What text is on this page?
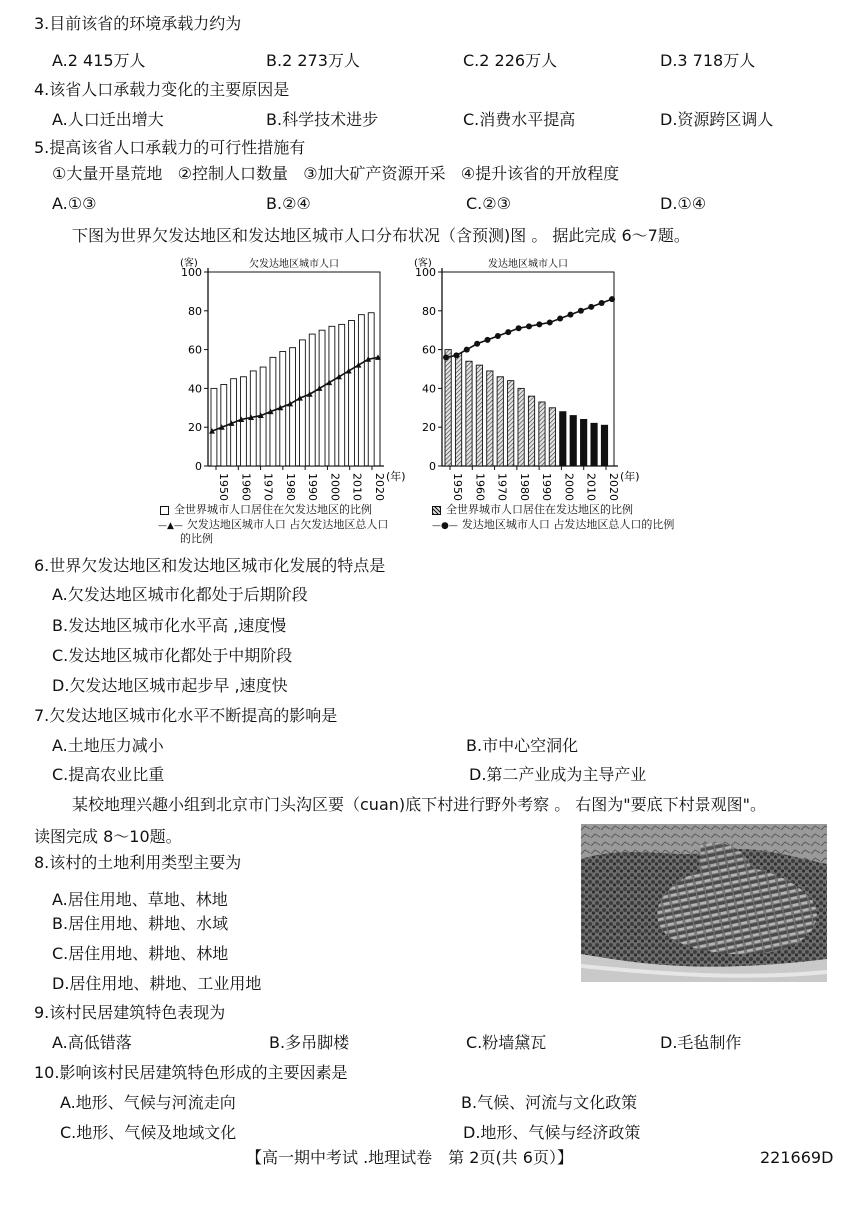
3.目前该省的环境承载力约为
A.2 415万人	B.2 273万人	C.2 226万人	D.3 718万人
4.该省人口承载力变化的主要原因是
A.人口迁出增大	B.科学技术进步	C.消费水平提高	D.资源跨区调人
5.提高该省人口承载力的可行性措施有
①大量开垦荒地   ②控制人口数量   ③加大矿产资源开采   ④提升该省的开放程度
A.①③	B.②④	C.②③	D.①④
下图为世界欠发达地区和发达地区城市人口分布状况（含预测)图 。 据此完成 6～7题。
(客)	欠发达地区城市人口
0
20
40
60
80
100
1950 1960 1970 1980 1990 2000 2010 2020 (年)
(客)	发达地区城市人口
0
20
40
60
80
100
1950 1960 1970 1980 1990 2000 2010 2020 (年)
全世界城市人口居住在欠发达地区的比例	全世界城市人口居住在发达地区的比例
—▲— 欠发达地区城市人口 占欠发达地区总人口
的比例
—●— 发达地区城市人口 占发达地区总人口的比例
6.世界欠发达地区和发达地区城市化发展的特点是
A.欠发达地区城市化都处于后期阶段
B.发达地区城市化水平高 ,速度慢
C.发达地区城市化都处于中期阶段
D.欠发达地区城市起步早 ,速度快
7.欠发达地区城市化水平不断提高的影响是
A.土地压力减小	B.市中心空洞化
C.提高农业比重	D.第二产业成为主导产业
某校地理兴趣小组到北京市门头沟区要（cuan)底下村进行野外考察 。 右图为"要底下村景观图"。
读图完成 8～10题。
8.该村的土地利用类型主要为
A.居住用地、草地、林地
B.居住用地、耕地、水域
C.居住用地、耕地、林地
D.居住用地、耕地、工业用地
9.该村民居建筑特色表现为
A.高低错落	B.多吊脚楼	C.粉墙黛瓦	D.毛毡制作
10.影响该村民居建筑特色形成的主要因素是
A.地形、气候与河流走向	B.气候、河流与文化政策
C.地形、气候及地域文化	D.地形、气候与经济政策
【高一期中考试 .地理试卷　第 2页(共 6页）】	221669D
